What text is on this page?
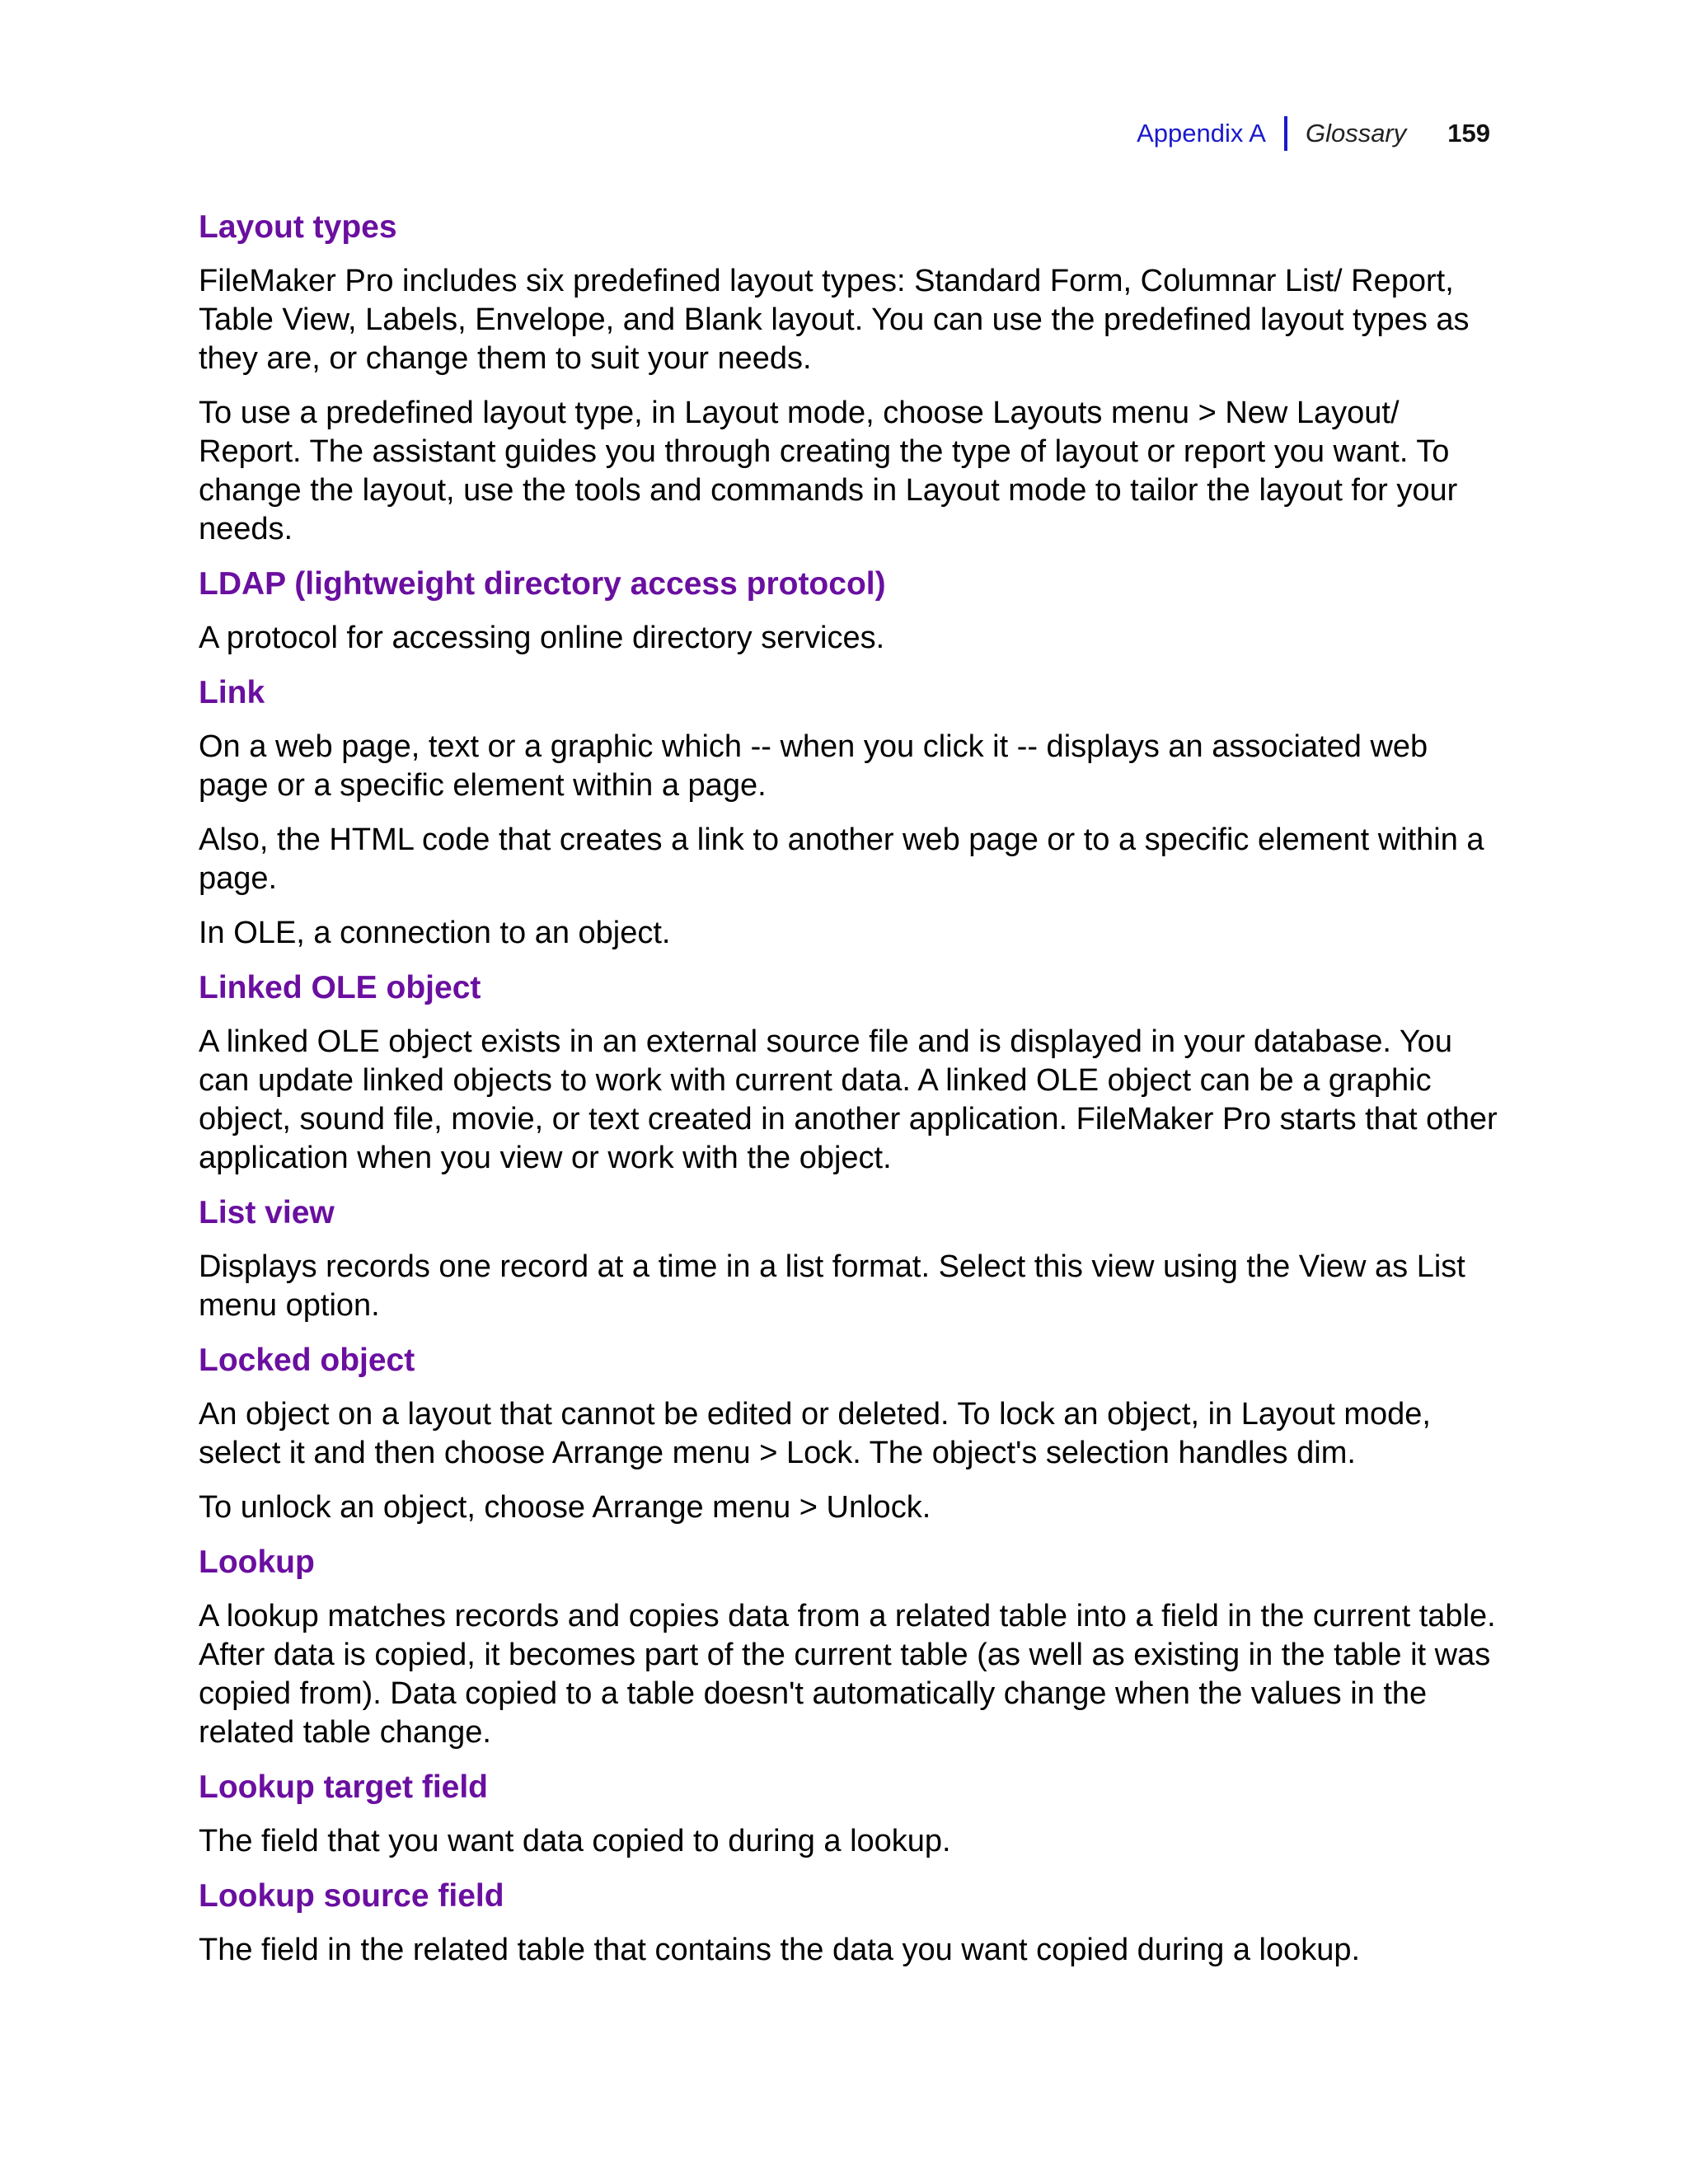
Appendix A Glossary 159
Layout types

FileMaker Pro includes six predefined layout types: Standard Form, Columnar List/ Report, Table View, Labels, Envelope, and Blank layout. You can use the predefined layout types as they are, or change them to suit your needs.

To use a predefined layout type, in Layout mode, choose Layouts menu > New Layout/ Report. The assistant guides you through creating the type of layout or report you want. To change the layout, use the tools and commands in Layout mode to tailor the layout for your needs.

LDAP (lightweight directory access protocol)

A protocol for accessing online directory services.

Link

On a web page, text or a graphic which -- when you click it -- displays an associated web page or a specific element within a page.

Also, the HTML code that creates a link to another web page or to a specific element within a page.

In OLE, a connection to an object.

Linked OLE object

A linked OLE object exists in an external source file and is displayed in your database. You can update linked objects to work with current data. A linked OLE object can be a graphic object, sound file, movie, or text created in another application. FileMaker Pro starts that other application when you view or work with the object.

List view

Displays records one record at a time in a list format. Select this view using the View as List menu option.

Locked object

An object on a layout that cannot be edited or deleted. To lock an object, in Layout mode, select it and then choose Arrange menu > Lock. The object's selection handles dim.

To unlock an object, choose Arrange menu > Unlock.

Lookup

A lookup matches records and copies data from a related table into a field in the current table. After data is copied, it becomes part of the current table (as well as existing in the table it was copied from). Data copied to a table doesn't automatically change when the values in the related table change.

Lookup target field

The field that you want data copied to during a lookup.

Lookup source field

The field in the related table that contains the data you want copied during a lookup.
